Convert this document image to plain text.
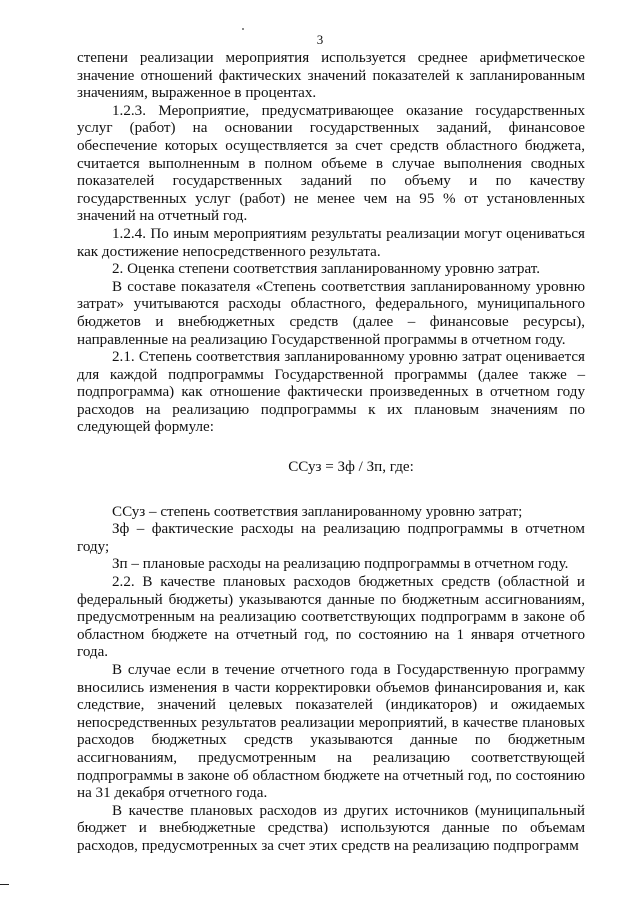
3

степени реализации мероприятия используется среднее арифметическое значение отношений фактических значений показателей к запланированным значениям, выраженное в процентах.

1.2.3. Мероприятие, предусматривающее оказание государственных услуг (работ) на основании государственных заданий, финансовое обеспечение которых осуществляется за счет средств областного бюджета, считается выполненным в полном объеме в случае выполнения сводных показателей государственных заданий по объему и по качеству государственных услуг (работ) не менее чем на 95 % от установленных значений на отчетный год.

1.2.4. По иным мероприятиям результаты реализации могут оцениваться как достижение непосредственного результата.

2. Оценка степени соответствия запланированному уровню затрат.

В составе показателя «Степень соответствия запланированному уровню затрат» учитываются расходы областного, федерального, муниципального бюджетов и внебюджетных средств (далее – финансовые ресурсы), направленные на реализацию Государственной программы в отчетном году.

2.1. Степень соответствия запланированному уровню затрат оценивается для каждой подпрограммы Государственной программы (далее также – подпрограмма) как отношение фактически произведенных в отчетном году расходов на реализацию подпрограммы к их плановым значениям по следующей формуле:

ССуз = Зф / Зп, где:

ССуз – степень соответствия запланированному уровню затрат;

Зф – фактические расходы на реализацию подпрограммы в отчетном году;

Зп – плановые расходы на реализацию подпрограммы в отчетном году.

2.2. В качестве плановых расходов бюджетных средств (областной и федеральный бюджеты) указываются данные по бюджетным ассигнованиям, предусмотренным на реализацию соответствующих подпрограмм в законе об областном бюджете на отчетный год, по состоянию на 1 января отчетного года.

В случае если в течение отчетного года в Государственную программу вносились изменения в части корректировки объемов финансирования и, как следствие, значений целевых показателей (индикаторов) и ожидаемых непосредственных результатов реализации мероприятий, в качестве плановых расходов бюджетных средств указываются данные по бюджетным ассигнованиям, предусмотренным на реализацию соответствующей подпрограммы в законе об областном бюджете на отчетный год, по состоянию на 31 декабря отчетного года.

В качестве плановых расходов из других источников (муниципальный бюджет и внебюджетные средства) используются данные по объемам расходов, предусмотренных за счет этих средств на реализацию подпрограмм
